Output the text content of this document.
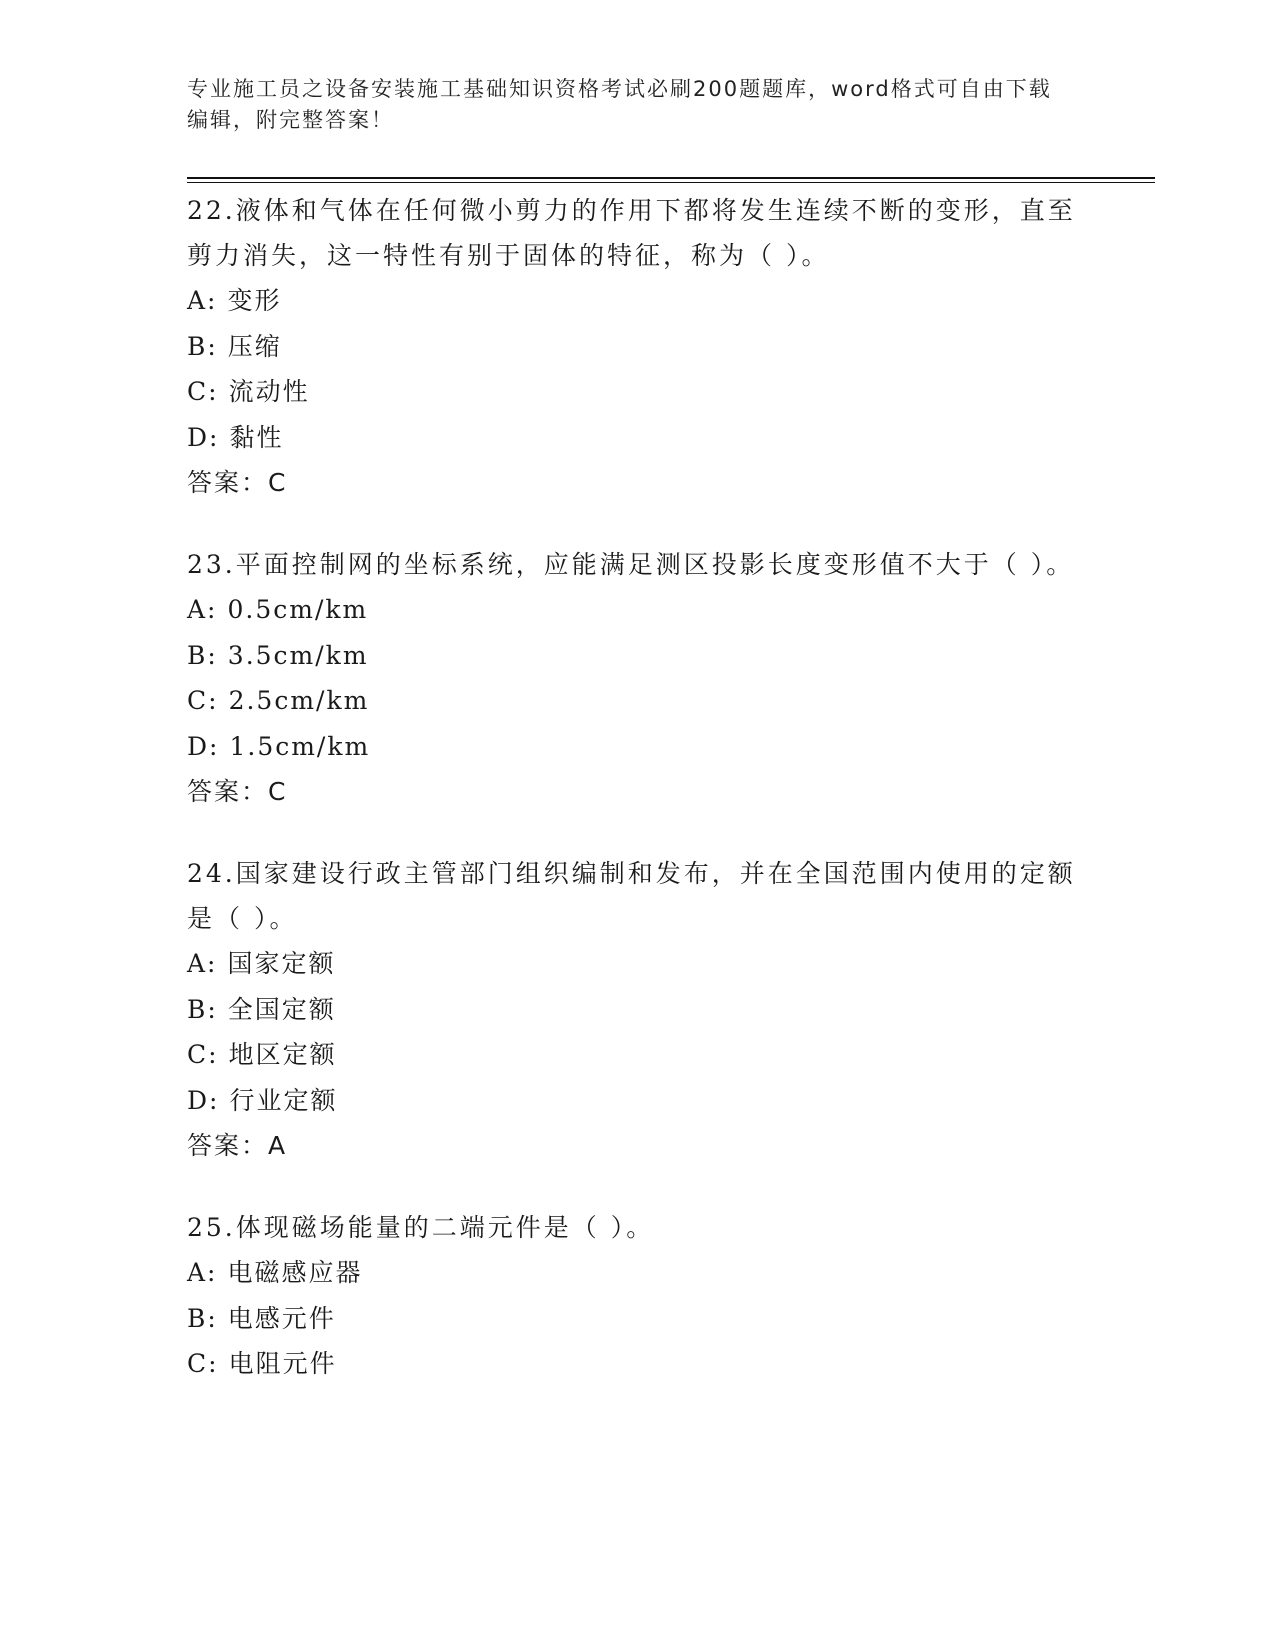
专业施工员之设备安装施工基础知识资格考试必刷200题题库，word格式可自由下载编辑，附完整答案！

22.液体和气体在任何微小剪力的作用下都将发生连续不断的变形，直至剪力消失，这一特性有别于固体的特征，称为（ ）。

A: 变形

B: 压缩

C: 流动性

D: 黏性

答案：C

23.平面控制网的坐标系统，应能满足测区投影长度变形值不大于（ ）。

A: 0.5cm/km

B: 3.5cm/km

C: 2.5cm/km

D: 1.5cm/km

答案：C

24.国家建设行政主管部门组织编制和发布，并在全国范围内使用的定额是（ ）。

A: 国家定额

B: 全国定额

C: 地区定额

D: 行业定额

答案：A

25.体现磁场能量的二端元件是（ ）。

A: 电磁感应器

B: 电感元件

C: 电阻元件
